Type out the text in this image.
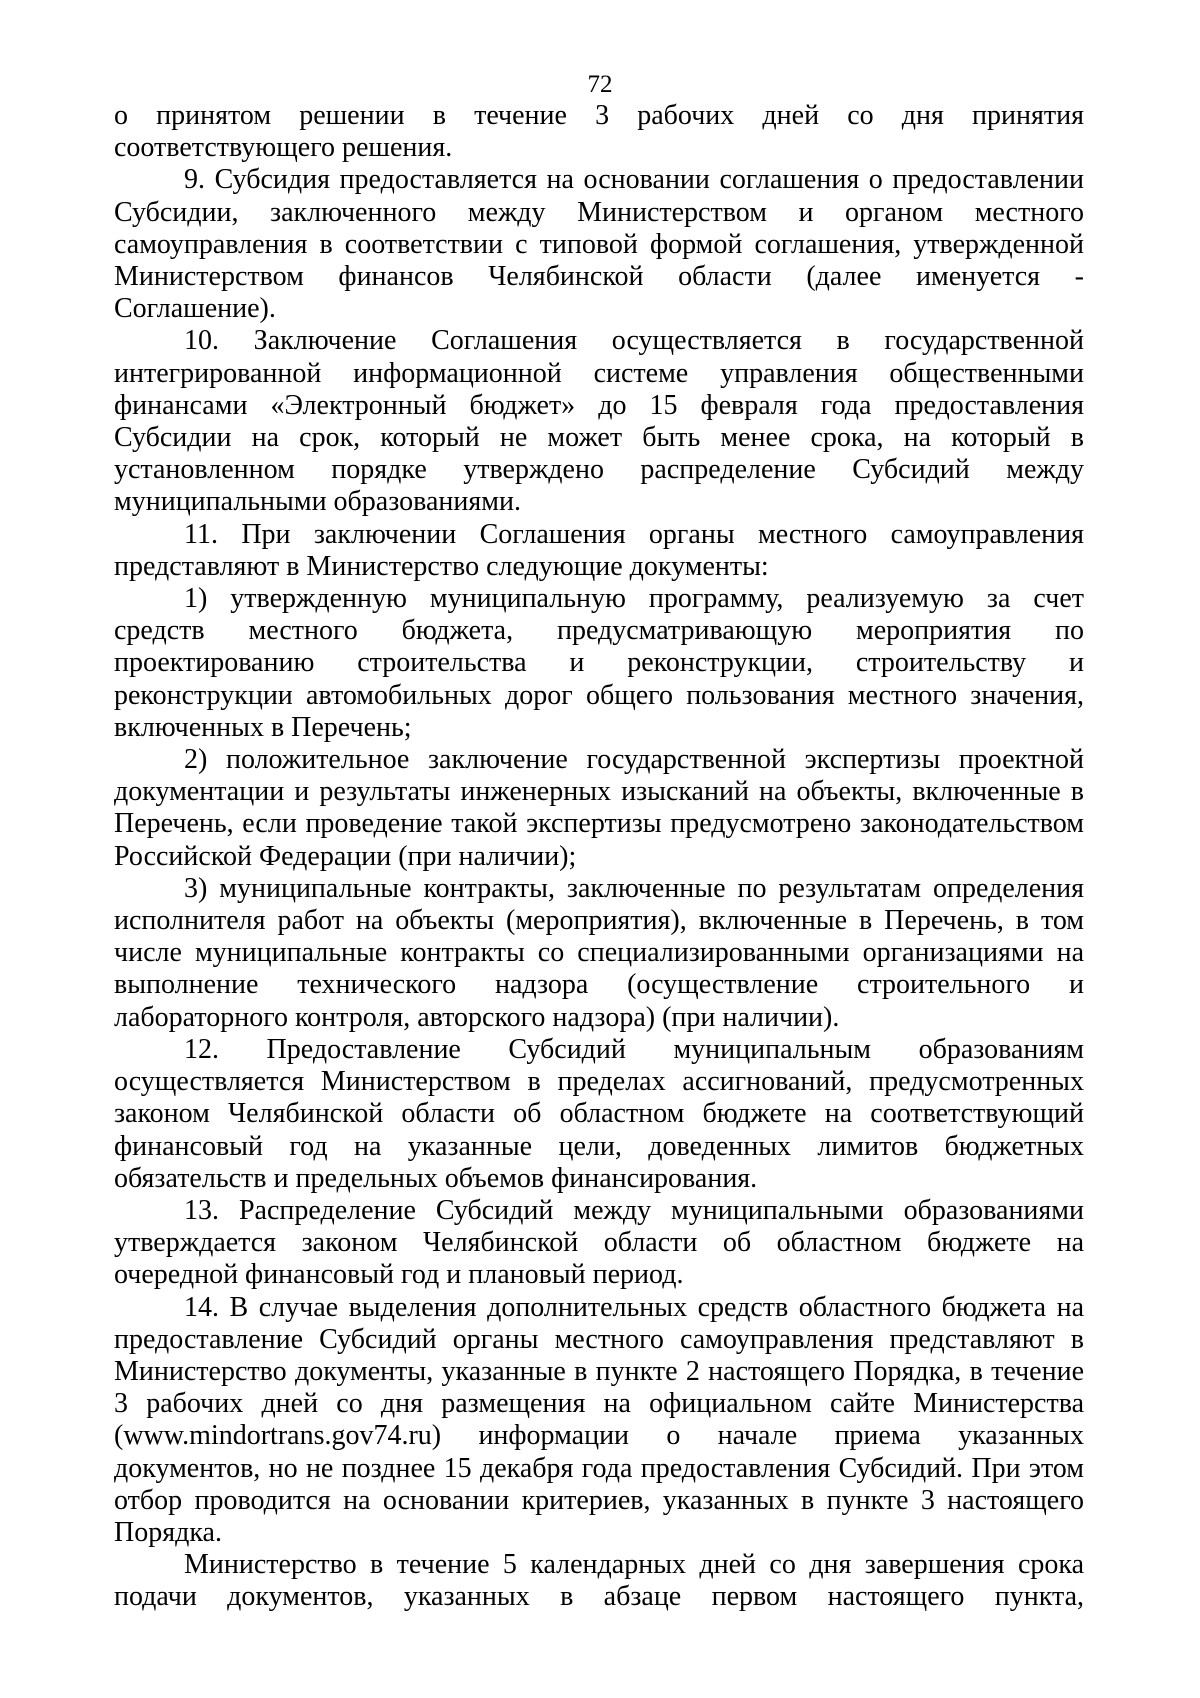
72

о принятом решении в течение 3 рабочих дней со дня принятия соответствующего решения.

9. Субсидия предоставляется на основании соглашения о предоставлении Субсидии, заключенного между Министерством и органом местного самоуправления в соответствии с типовой формой соглашения, утвержденной Министерством финансов Челябинской области (далее именуется - Соглашение).

10. Заключение Соглашения осуществляется в государственной интегрированной информационной системе управления общественными финансами «Электронный бюджет» до 15 февраля года предоставления Субсидии на срок, который не может быть менее срока, на который в установленном порядке утверждено распределение Субсидий между муниципальными образованиями.

11. При заключении Соглашения органы местного самоуправления представляют в Министерство следующие документы:

1) утвержденную муниципальную программу, реализуемую за счет средств местного бюджета, предусматривающую мероприятия по проектированию строительства и реконструкции, строительству и реконструкции автомобильных дорог общего пользования местного значения, включенных в Перечень;

2) положительное заключение государственной экспертизы проектной документации и результаты инженерных изысканий на объекты, включенные в Перечень, если проведение такой экспертизы предусмотрено законодательством Российской Федерации (при наличии);

3) муниципальные контракты, заключенные по результатам определения исполнителя работ на объекты (мероприятия), включенные в Перечень, в том числе муниципальные контракты со специализированными организациями на выполнение технического надзора (осуществление строительного и лабораторного контроля, авторского надзора) (при наличии).

12. Предоставление Субсидий муниципальным образованиям осуществляется Министерством в пределах ассигнований, предусмотренных законом Челябинской области об областном бюджете на соответствующий финансовый год на указанные цели, доведенных лимитов бюджетных обязательств и предельных объемов финансирования.

13. Распределение Субсидий между муниципальными образованиями утверждается законом Челябинской области об областном бюджете на очередной финансовый год и плановый период.

14. В случае выделения дополнительных средств областного бюджета на предоставление Субсидий органы местного самоуправления представляют в Министерство документы, указанные в пункте 2 настоящего Порядка, в течение 3 рабочих дней со дня размещения на официальном сайте Министерства (www.mindortrans.gov74.ru) информации о начале приема указанных документов, но не позднее 15 декабря года предоставления Субсидий. При этом отбор проводится на основании критериев, указанных в пункте 3 настоящего Порядка.

Министерство в течение 5 календарных дней со дня завершения срока подачи документов, указанных в абзаце первом настоящего пункта,
